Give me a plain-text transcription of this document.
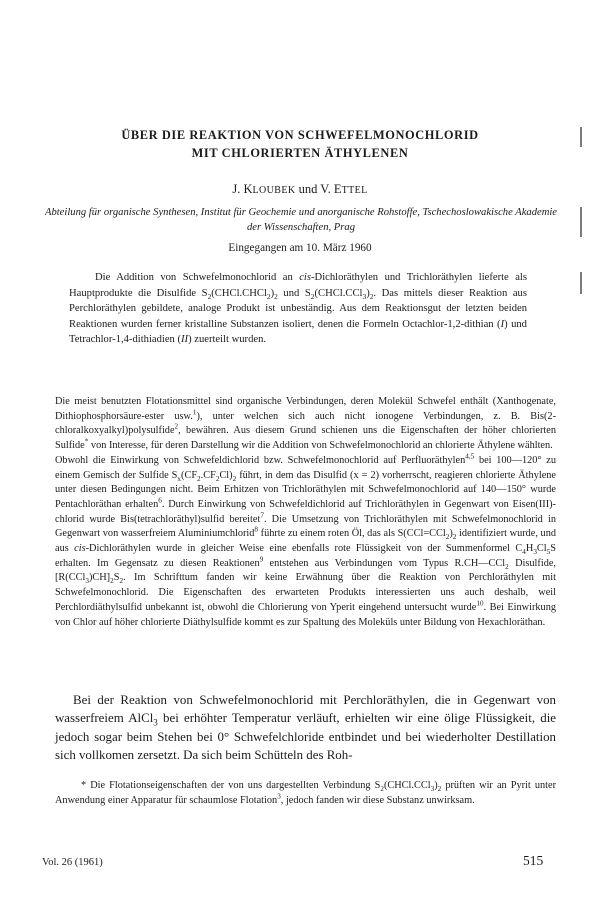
ÜBER DIE REAKTION VON SCHWEFELMONOCHLORID
MIT CHLORIERTEN ÄTHYLENEN
J. KLOUBEK und V. ETTEL
Abteilung für organische Synthesen, Institut für Geochemie und anorganische Rohstoffe, Tschechoslowakische Akademie der Wissenschaften, Prag
Eingegangen am 10. März 1960

Die Addition von Schwefelmonochlorid an cis-Dichloräthylen und Trichloräthylen lieferte als Hauptprodukte die Disulfide $S_2(CHCl.CHCl_2)_2$ und $S_2(CHCl.CCl_3)_2$. Das mittels dieser Reaktion aus Perchloräthylen gebildete, analoge Produkt ist unbeständig. Aus dem Reaktionsgut der letzten beiden Reaktionen wurden ferner kristalline Substanzen isoliert, denen die Formeln Octachlor-1,2-dithian (I) und Tetrachlor-1,4-dithiadien (II) zuerteilt wurden.

Die meist benutzten Flotationsmittel sind organische Verbindungen, deren Molekül Schwefel enthält (Xanthogenate, Dithiophosphorsäure-ester usw.$^1$), unter welchen sich auch nicht ionogene Verbindungen, z. B. Bis(2-chloralkoxyalkyl)polysulfide$^2$, bewähren. Aus diesem Grund schienen uns die Eigenschaften der höher chlorierten Sulfide* von Interesse, für deren Darstellung wir die Addition von Schwefelmonochlorid an chlorierte Äthylene wählten.

Obwohl die Einwirkung von Schwefeldichlorid bzw. Schwefelmonochlorid auf Perfluoräthylen$^{4,5}$ bei 100—120° zu einem Gemisch der Sulfide $S_x(CF_2.CF_2Cl)_2$ führt, in dem das Disulfid (x = 2) vorherrscht, reagieren chlorierte Äthylene unter diesen Bedingungen nicht. Beim Erhitzen von Trichloräthylen mit Schwefelmonochlorid auf 140—150° wurde Pentachloräthan erhalten$^6$. Durch Einwirkung von Schwefeldichlorid auf Trichloräthylen in Gegenwart von Eisen(III)-chlorid wurde Bis(tetrachloräthyl)sulfid bereitet$^7$. Die Umsetzung von Trichloräthylen mit Schwefelmonochlorid in Gegenwart von wasserfreiem Aluminiumchlorid$^8$ führte zu einem roten Öl, das als $S(CCl=CCl_2)_2$ identifiziert wurde, und aus cis-Dichloräthylen wurde in gleicher Weise eine ebenfalls rote Flüssigkeit von der Summenformel $C_4H_3Cl_5S$ erhalten. Im Gegensatz zu diesen Reaktionen$^9$ entstehen aus Verbindungen vom Typus R.CH—CCl$_2$ Disulfide, $[R(CCl_3)CH]_2S_2$. Im Schrifttum fanden wir keine Erwähnung über die Reaktion von Perchloräthylen mit Schwefelmonochlorid. Die Eigenschaften des erwarteten Produkts interessierten uns auch deshalb, weil Perchlordiäthylsulfid unbekannt ist, obwohl die Chlorierung von Yperit eingehend untersucht wurde$^{10}$. Bei Einwirkung von Chlor auf höher chlorierte Diäthylsulfide kommt es zur Spaltung des Moleküls unter Bildung von Hexachloräthan.

Bei der Reaktion von Schwefelmonochlorid mit Perchloräthylen, die in Gegenwart von wasserfreiem AlCl$_3$ bei erhöhter Temperatur verläuft, erhielten wir eine ölige Flüssigkeit, die jedoch sogar beim Stehen bei 0° Schwefelchloride entbindet und bei wiederholter Destillation sich vollkomen zersetzt. Da sich beim Schütteln des Roh-

* Die Flotationseigenschaften der von uns dargestellten Verbindung $S_2(CHCl.CCl_3)_2$ prüften wir an Pyrit unter Anwendung einer Apparatur für schaumlose Flotation$^3$, jedoch fanden wir diese Substanz unwirksam.

Vol. 26 (1961)	515
